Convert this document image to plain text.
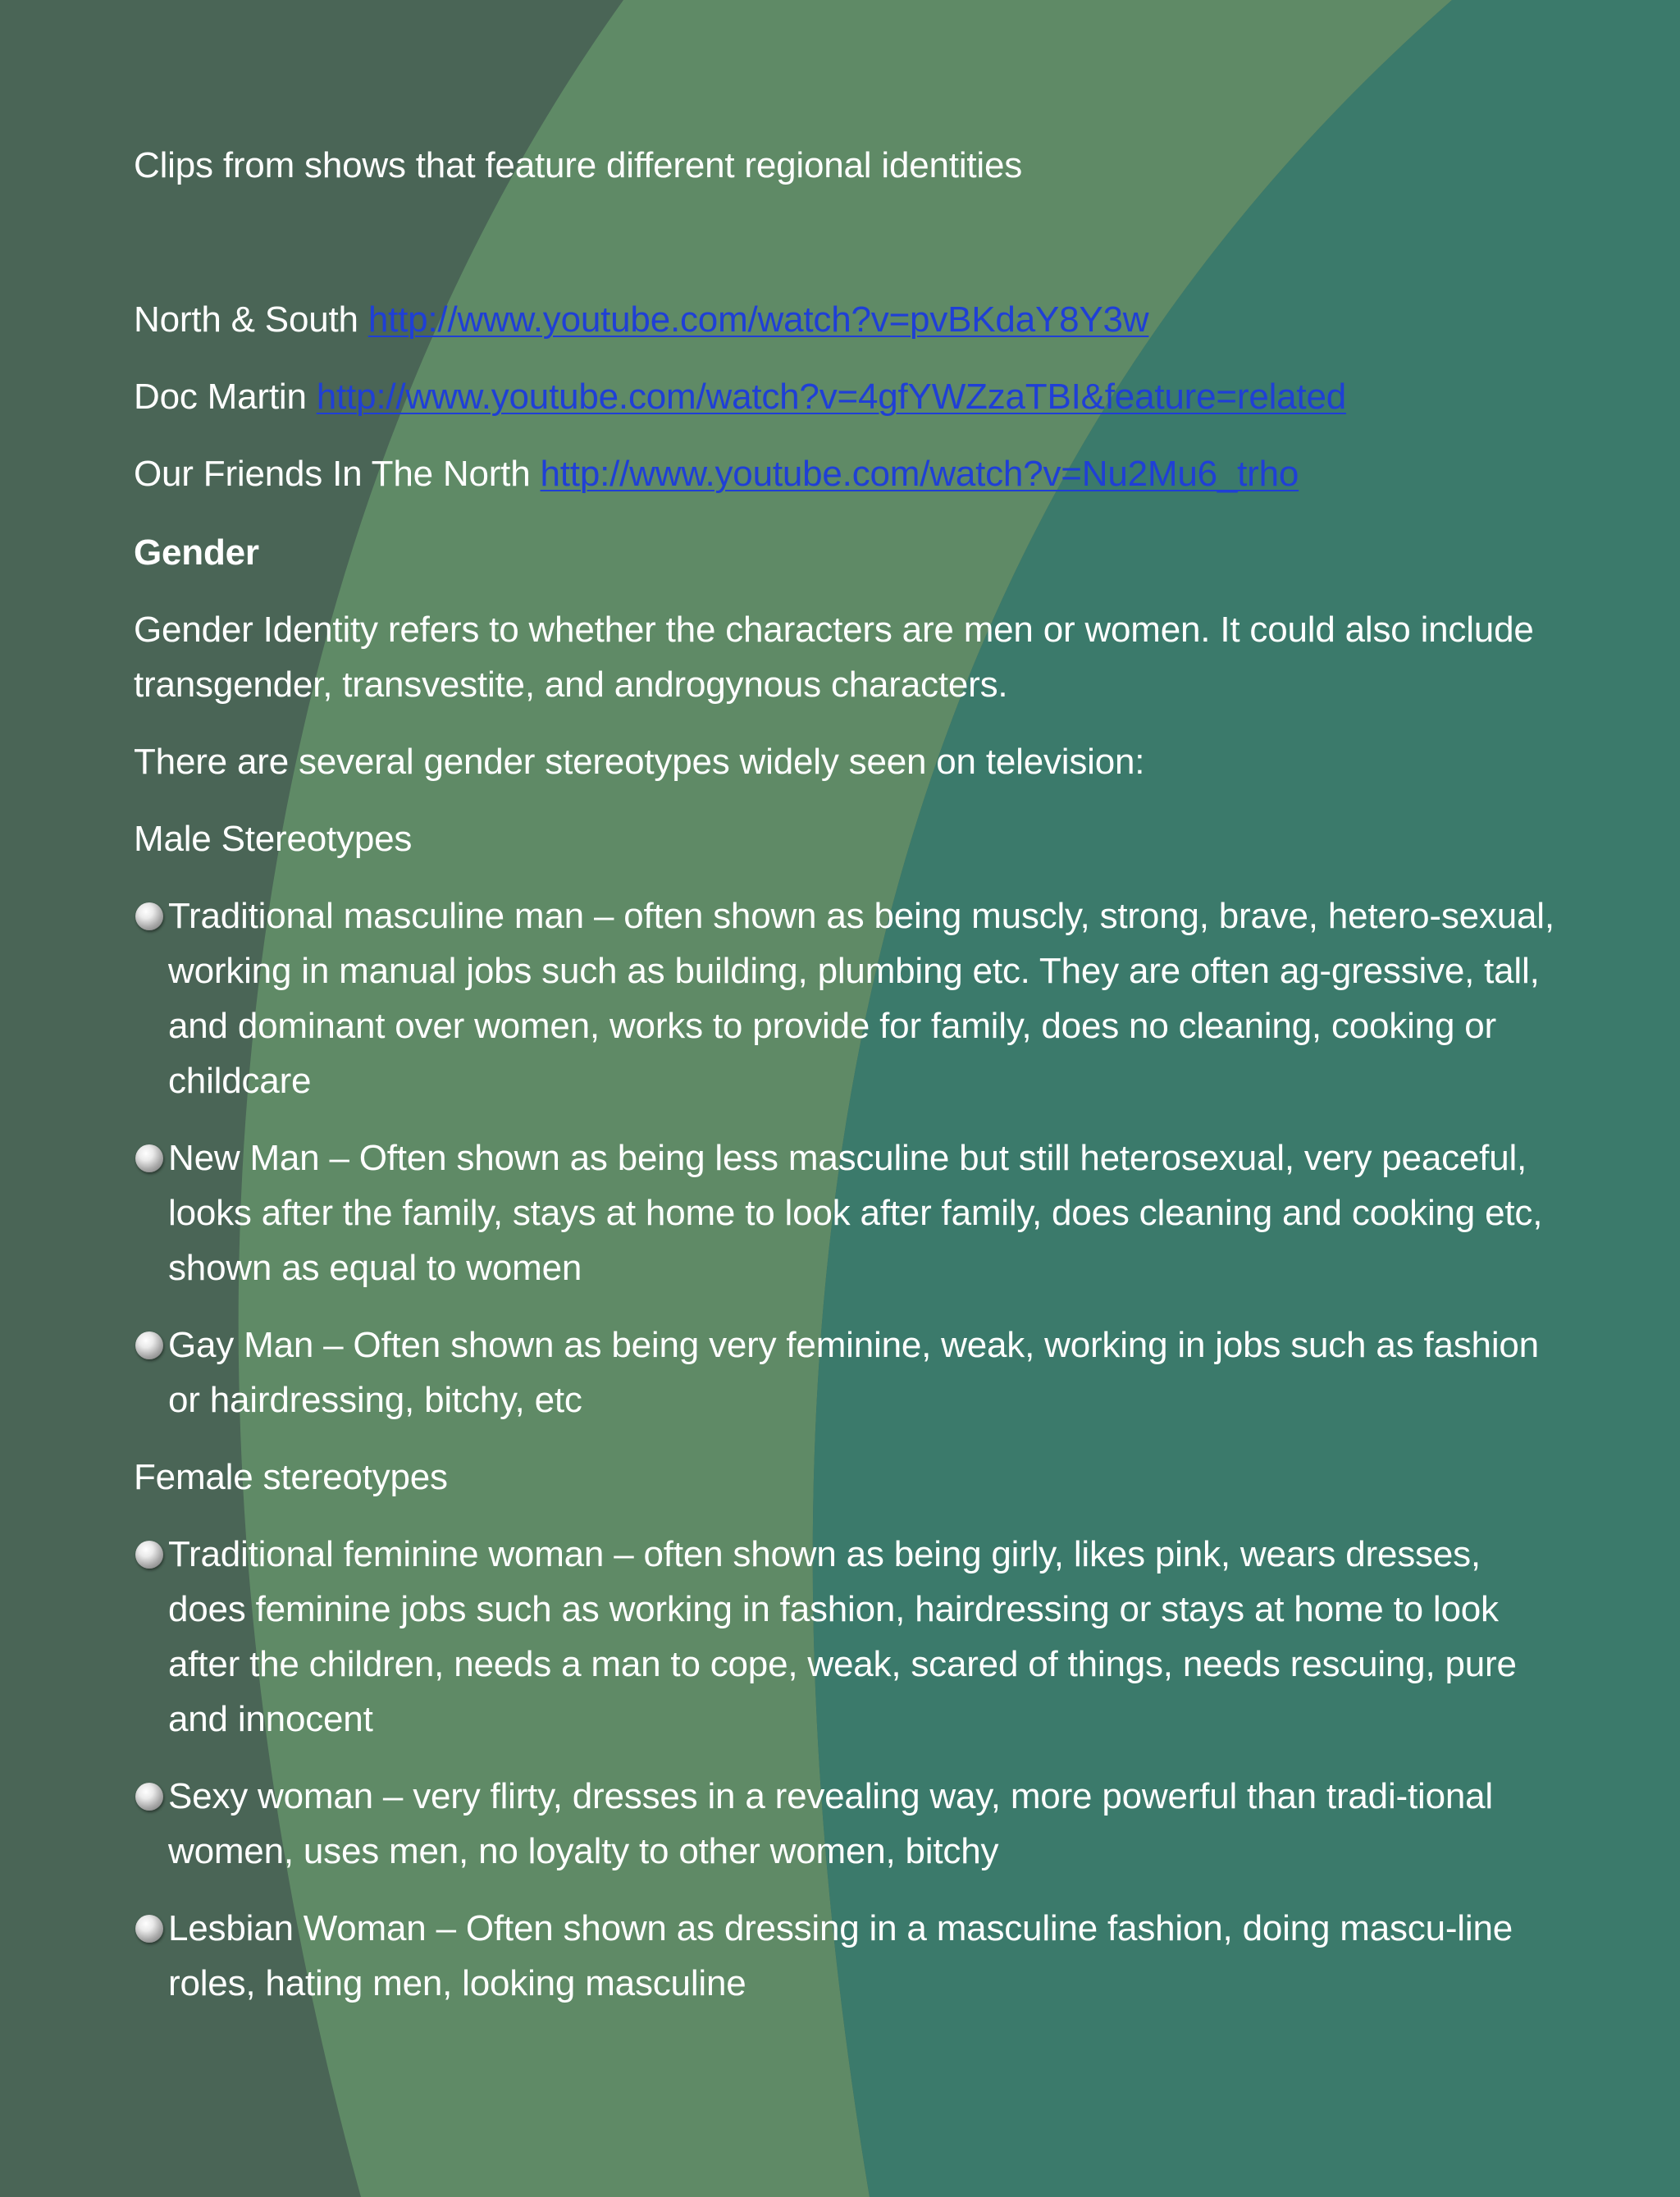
Clips from shows that feature different regional identities

North & South http://www.youtube.com/watch?v=pvBKdaY8Y3w

Doc Martin http://www.youtube.com/watch?v=4gfYWZzaTBI&feature=related

Our Friends In The North http://www.youtube.com/watch?v=Nu2Mu6_trho

Gender

Gender Identity refers to whether the characters are men or women. It could also include transgender, transvestite, and androgynous characters.

There are several gender stereotypes widely seen on television:

Male Stereotypes

Traditional masculine man – often shown as being muscly, strong, brave, hetero-sexual, working in manual jobs such as building, plumbing etc. They are often ag-gressive, tall, and dominant over women, works to provide for family, does no cleaning, cooking or childcare
New Man – Often shown as being less masculine but still heterosexual, very peaceful, looks after the family, stays at home to look after family, does cleaning and cooking etc, shown as equal to women
Gay Man – Often shown as being very feminine, weak, working in jobs such as fashion or hairdressing, bitchy, etc

Female stereotypes

Traditional feminine woman – often shown as being girly, likes pink, wears dresses, does feminine jobs such as working in fashion, hairdressing or stays at home to look after the children, needs a man to cope, weak, scared of things, needs rescuing, pure and innocent
Sexy woman – very flirty, dresses in a revealing way, more powerful than tradi-tional women, uses men, no loyalty to other women, bitchy
Lesbian Woman – Often shown as dressing in a masculine fashion, doing mascu-line roles, hating men, looking masculine
